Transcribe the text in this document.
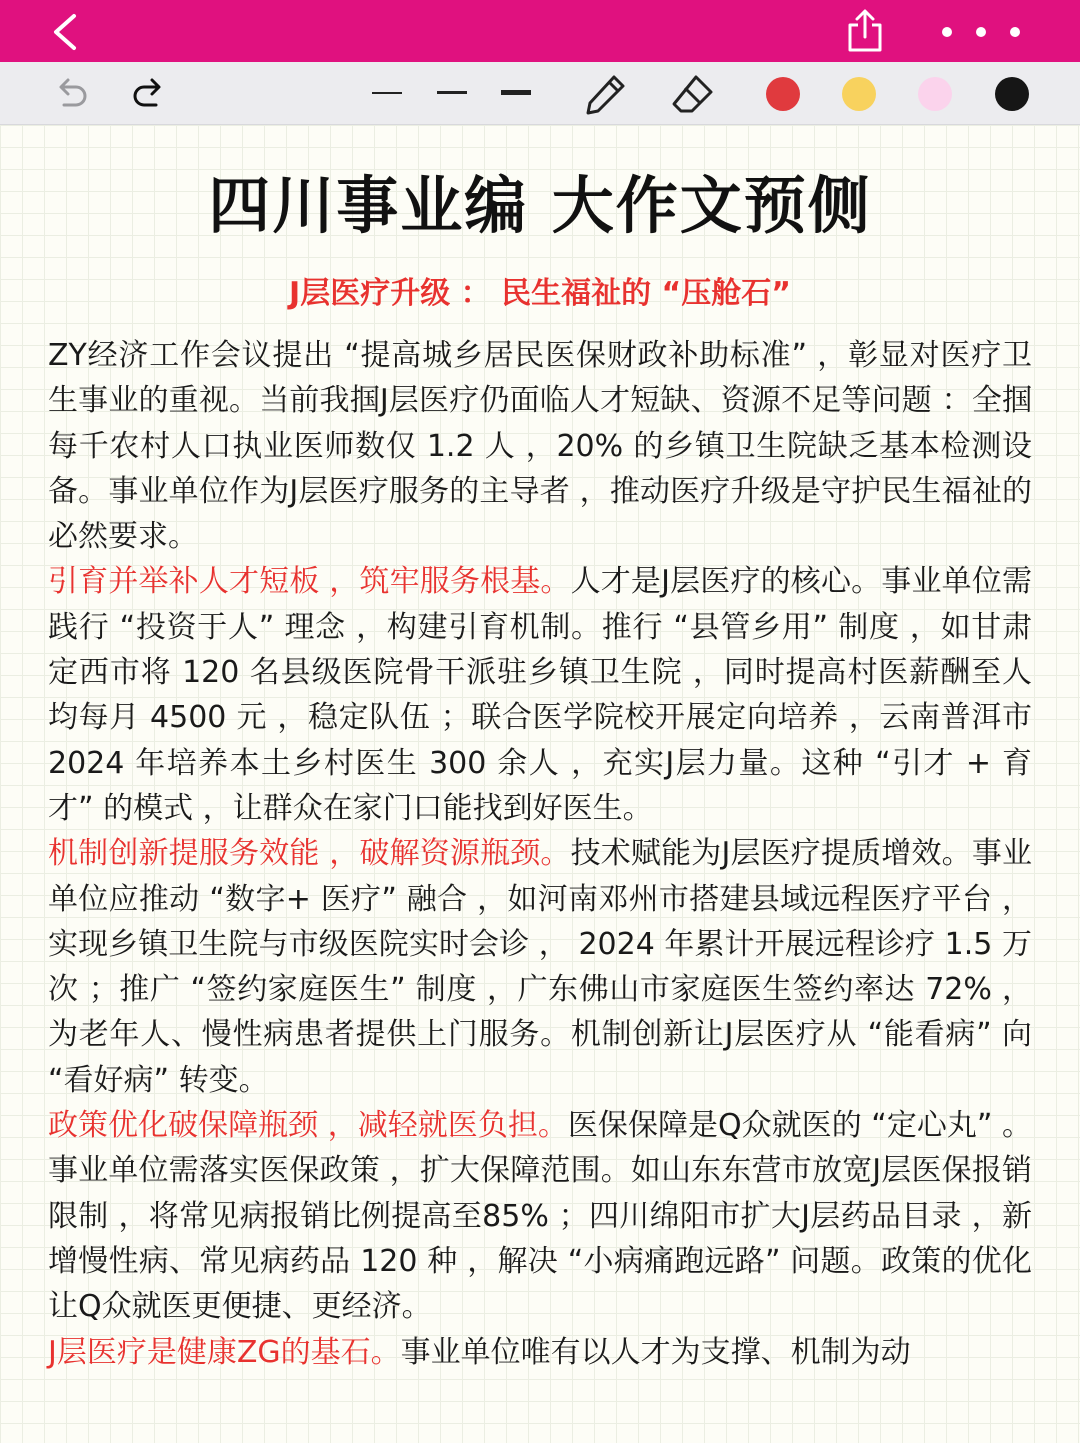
四川事业编 大作文预侧
J层医疗升级 ： 民生福祉的 “压舱石”

ZY经济工作会议提出 “提高城乡居民医保财政补助标准” ，彰显对医疗卫生事业的重视。当前我掴J层医疗仍面临人才短缺、资源不足等问题 ：全掴每千农村人口执业医师数仅 1.2 人 ，20% 的乡镇卫生院缺乏基本检测设备。事业单位作为J层医疗服务的主导者 ，推动医疗升级是守护民生福祉的必然要求。

引育并举补人才短板 ，筑牢服务根基。人才是J层医疗的核心。事业单位需践行 “投资于人” 理念 ，构建引育机制。推行 “县管乡用” 制度 ，如甘肃定西市将 120 名县级医院骨干派驻乡镇卫生院 ，同时提高村医薪酬至人均每月 4500 元 ，稳定队伍 ；联合医学院校开展定向培养 ，云南普洱市 2024 年培养本土乡村医生 300 余人 ，充实J层力量。这种 “引才 + 育才” 的模式 ，让群众在家门口能找到好医生。

机制创新提服务效能 ，破解资源瓶颈。技术赋能为J层医疗提质增效。事业单位应推动 “数字+ 医疗” 融合 ，如河南邓州市搭建县域远程医疗平台 ，实现乡镇卫生院与市级医院实时会诊 ， 2024 年累计开展远程诊疗 1.5 万次 ；推广 “签约家庭医生” 制度 ，广东佛山市家庭医生签约率达 72% ，为老年人、慢性病患者提供上门服务。机制创新让J层医疗从 “能看病” 向 “看好病” 转变。

政策优化破保障瓶颈 ，减轻就医负担。医保保障是Q众就医的 “定心丸” 。事业单位需落实医保政策 ，扩大保障范围。如山东东营市放宽J层医保报销限制 ，将常见病报销比例提高至85% ；四川绵阳市扩大J层药品目录 ，新增慢性病、常见病药品 120 种 ，解决 “小病痛跑远路” 问题。政策的优化让Q众就医更便捷、更经济。

J层医疗是健康ZG的基石。事业单位唯有以人才为支撑、机制为动
